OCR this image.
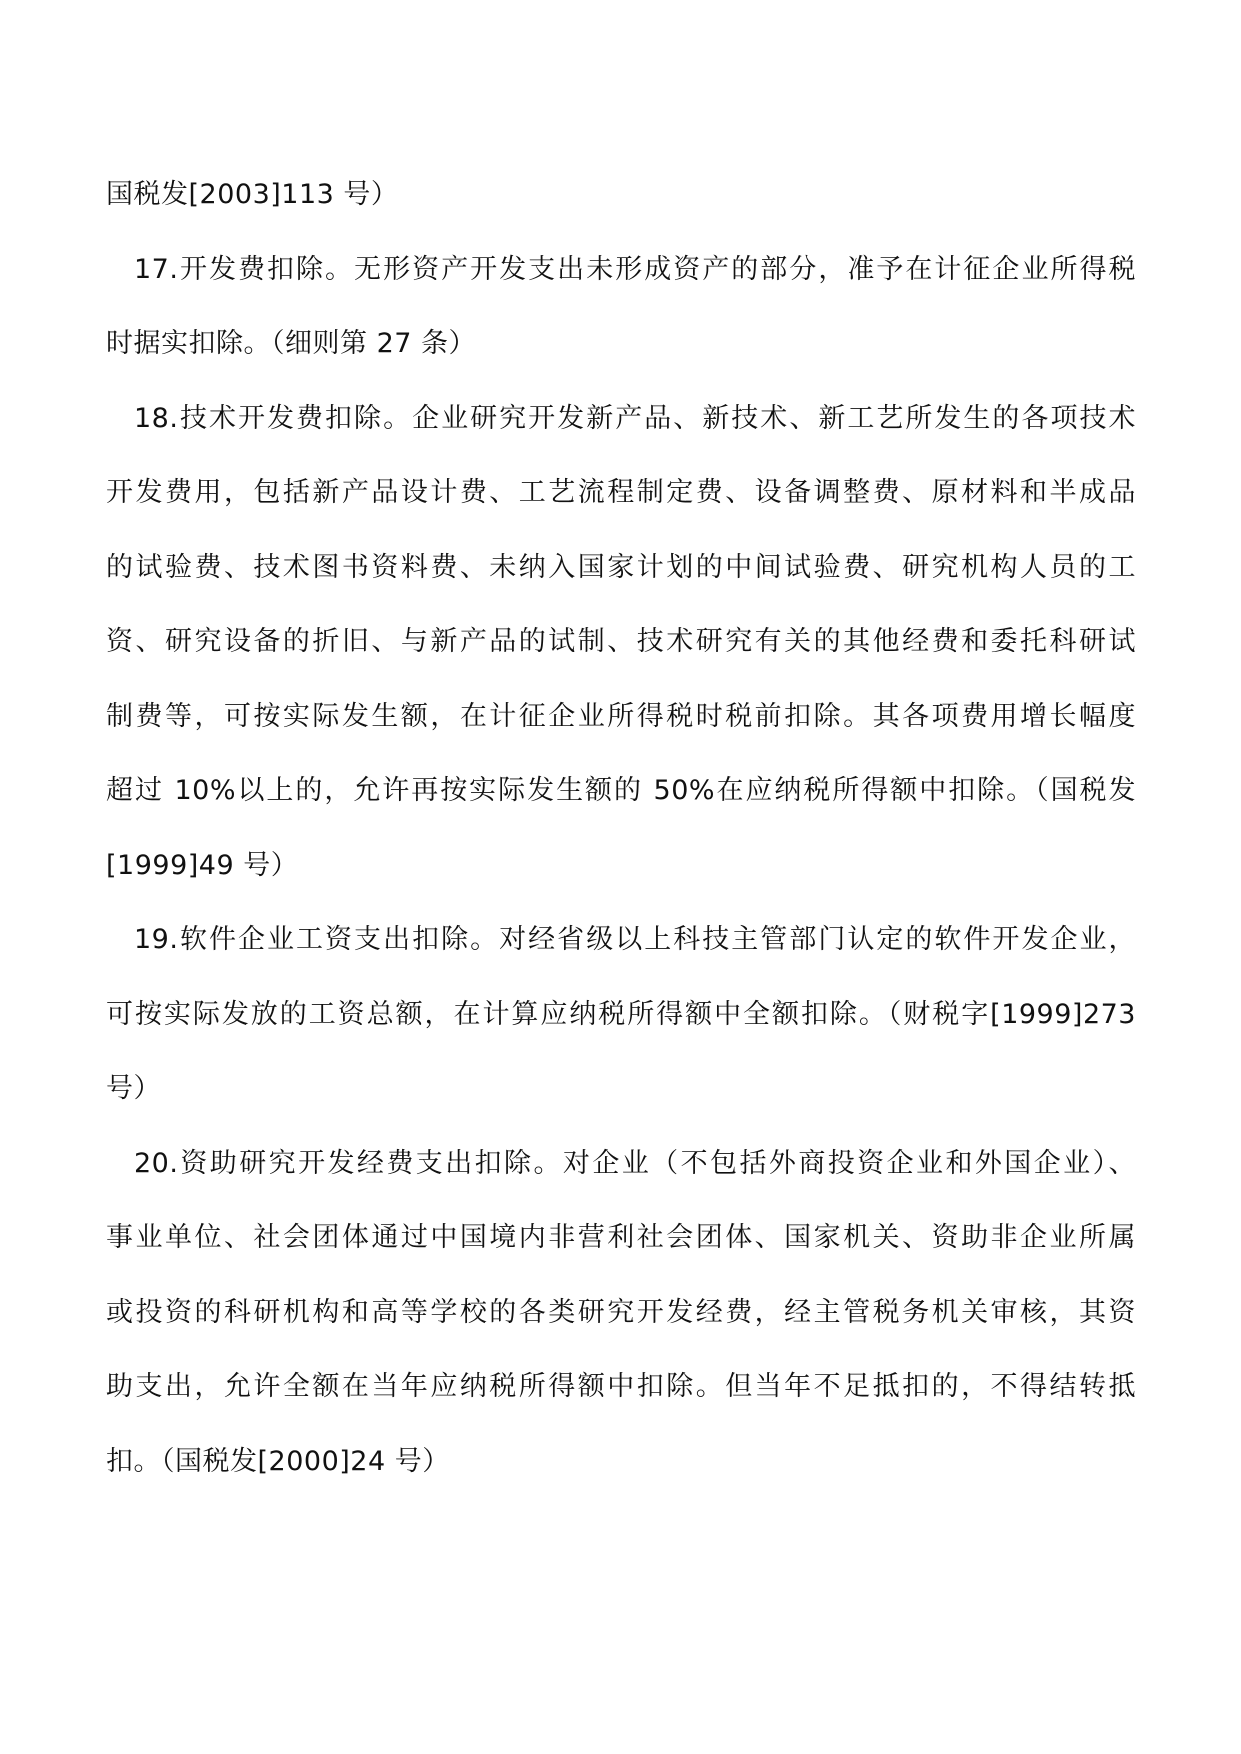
国税发[2003]113 号）
17.开发费扣除。无形资产开发支出未形成资产的部分，准予在计征企业所得税
时据实扣除。（细则第 27 条）
18.技术开发费扣除。企业研究开发新产品、新技术、新工艺所发生的各项技术
开发费用，包括新产品设计费、工艺流程制定费、设备调整费、原材料和半成品
的试验费、技术图书资料费、未纳入国家计划的中间试验费、研究机构人员的工
资、研究设备的折旧、与新产品的试制、技术研究有关的其他经费和委托科研试
制费等，可按实际发生额，在计征企业所得税时税前扣除。其各项费用增长幅度
超过 10%以上的，允许再按实际发生额的 50%在应纳税所得额中扣除。（国税发
[1999]49 号）
19.软件企业工资支出扣除。对经省级以上科技主管部门认定的软件开发企业，
可按实际发放的工资总额，在计算应纳税所得额中全额扣除。（财税字[1999]273
号）
20.资助研究开发经费支出扣除。对企业（不包括外商投资企业和外国企业）、
事业单位、社会团体通过中国境内非营利社会团体、国家机关、资助非企业所属
或投资的科研机构和高等学校的各类研究开发经费，经主管税务机关审核，其资
助支出，允许全额在当年应纳税所得额中扣除。但当年不足抵扣的，不得结转抵
扣。（国税发[2000]24 号）
